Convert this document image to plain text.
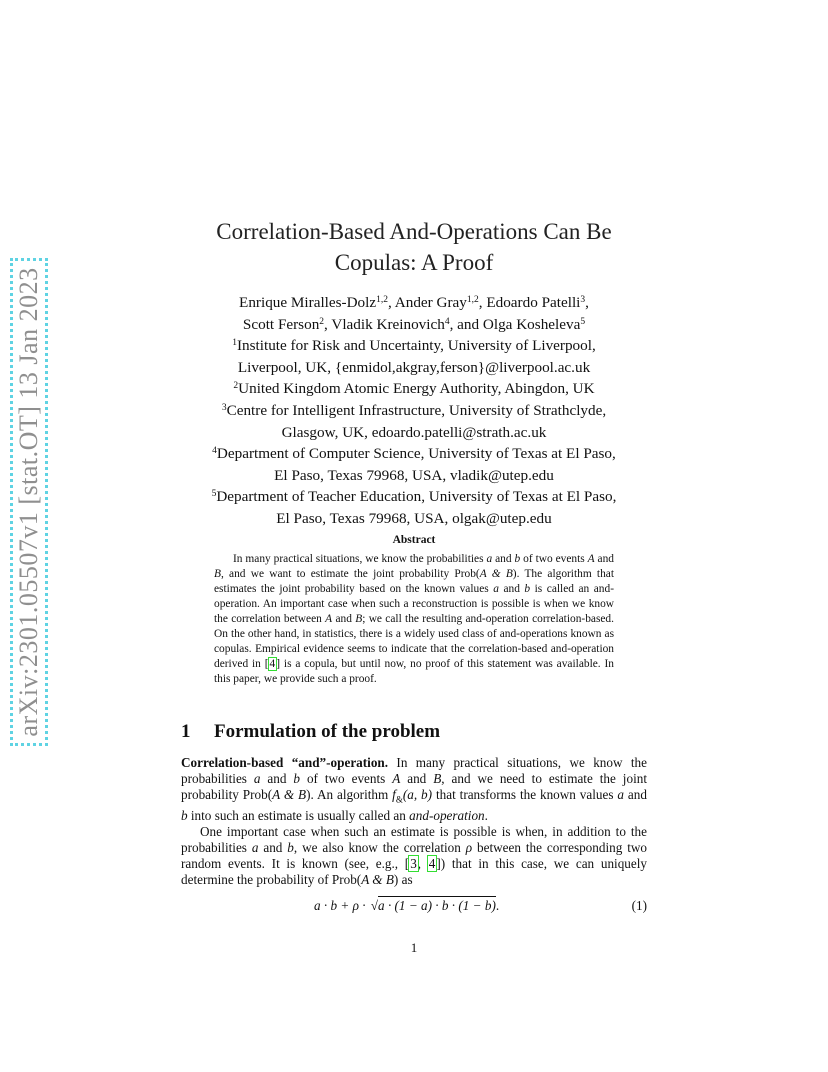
arXiv:2301.05507v1 [stat.OT] 13 Jan 2023
Correlation-Based And-Operations Can Be
Copulas: A Proof
Enrique Miralles-Dolz$^{1,2}$, Ander Gray$^{1,2}$, Edoardo Patelli$^3$,
Scott Ferson$^2$, Vladik Kreinovich$^4$, and Olga Kosheleva$^5$
$^1$Institute for Risk and Uncertainty, University of Liverpool,
Liverpool, UK, {enmidol,akgray,ferson}@liverpool.ac.uk
$^2$United Kingdom Atomic Energy Authority, Abingdon, UK
$^3$Centre for Intelligent Infrastructure, University of Strathclyde,
Glasgow, UK, edoardo.patelli@strath.ac.uk
$^4$Department of Computer Science, University of Texas at El Paso,
El Paso, Texas 79968, USA, vladik@utep.edu
$^5$Department of Teacher Education, University of Texas at El Paso,
El Paso, Texas 79968, USA, olgak@utep.edu
Abstract
In many practical situations, we know the probabilities a and b of two events A and B, and we want to estimate the joint probability Prob(A & B). The algorithm that estimates the joint probability based on the known values a and b is called an and-operation. An important case when such a reconstruction is possible is when we know the correlation between A and B; we call the resulting and-operation correlation-based. On the other hand, in statistics, there is a widely used class of and-operations known as copulas. Empirical evidence seems to indicate that the correlation-based and-operation derived in [4] is a copula, but until now, no proof of this statement was available. In this paper, we provide such a proof.
1 Formulation of the problem

Correlation-based “and”-operation. In many practical situations, we know the probabilities a and b of two events A and B, and we need to estimate the joint probability Prob(A & B). An algorithm $f_{\&}(a$, b) that transforms the known values a and b into such an estimate is usually called an and-operation.

One important case when such an estimate is possible is when, in addition to the probabilities a and b, we also know the correlation ρ between the corresponding two random events. It is known (see, e.g., [3, 4]) that in this case, we can uniquely determine the probability of Prob(A & B) as

a · b + ρ · √a · (1 − a) · b · (1 − b).	(1)
1
